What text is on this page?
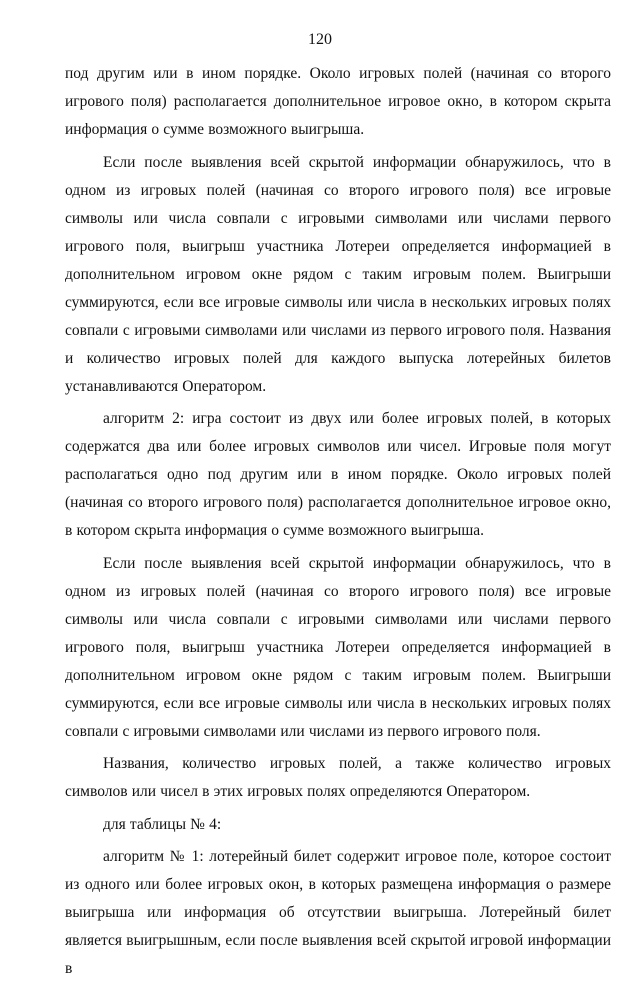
120

под другим или в ином порядке. Около игровых полей (начиная со второго игрового поля) располагается дополнительное игровое окно, в котором скрыта информация о сумме возможного выигрыша.

Если после выявления всей скрытой информации обнаружилось, что в одном из игровых полей (начиная со второго игрового поля) все игровые символы или числа совпали с игровыми символами или числами первого игрового поля, выигрыш участника Лотереи определяется информацией в дополнительном игровом окне рядом с таким игровым полем. Выигрыши суммируются, если все игровые символы или числа в нескольких игровых полях совпали с игровыми символами или числами из первого игрового поля. Названия и количество игровых полей для каждого выпуска лотерейных билетов устанавливаются Оператором.

алгоритм 2: игра состоит из двух или более игровых полей, в которых содержатся два или более игровых символов или чисел. Игровые поля могут располагаться одно под другим или в ином порядке. Около игровых полей (начиная со второго игрового поля) располагается дополнительное игровое окно, в котором скрыта информация о сумме возможного выигрыша.

Если после выявления всей скрытой информации обнаружилось, что в одном из игровых полей (начиная со второго игрового поля) все игровые символы или числа совпали с игровыми символами или числами первого игрового поля, выигрыш участника Лотереи определяется информацией в дополнительном игровом окне рядом с таким игровым полем. Выигрыши суммируются, если все игровые символы или числа в нескольких игровых полях совпали с игровыми символами или числами из первого игрового поля.

Названия, количество игровых полей, а также количество игровых символов или чисел в этих игровых полях определяются Оператором.

для таблицы № 4:

алгоритм № 1: лотерейный билет содержит игровое поле, которое состоит из одного или более игровых окон, в которых размещена информация о размере выигрыша или информация об отсутствии выигрыша. Лотерейный билет является выигрышным, если после выявления всей скрытой игровой информации в
